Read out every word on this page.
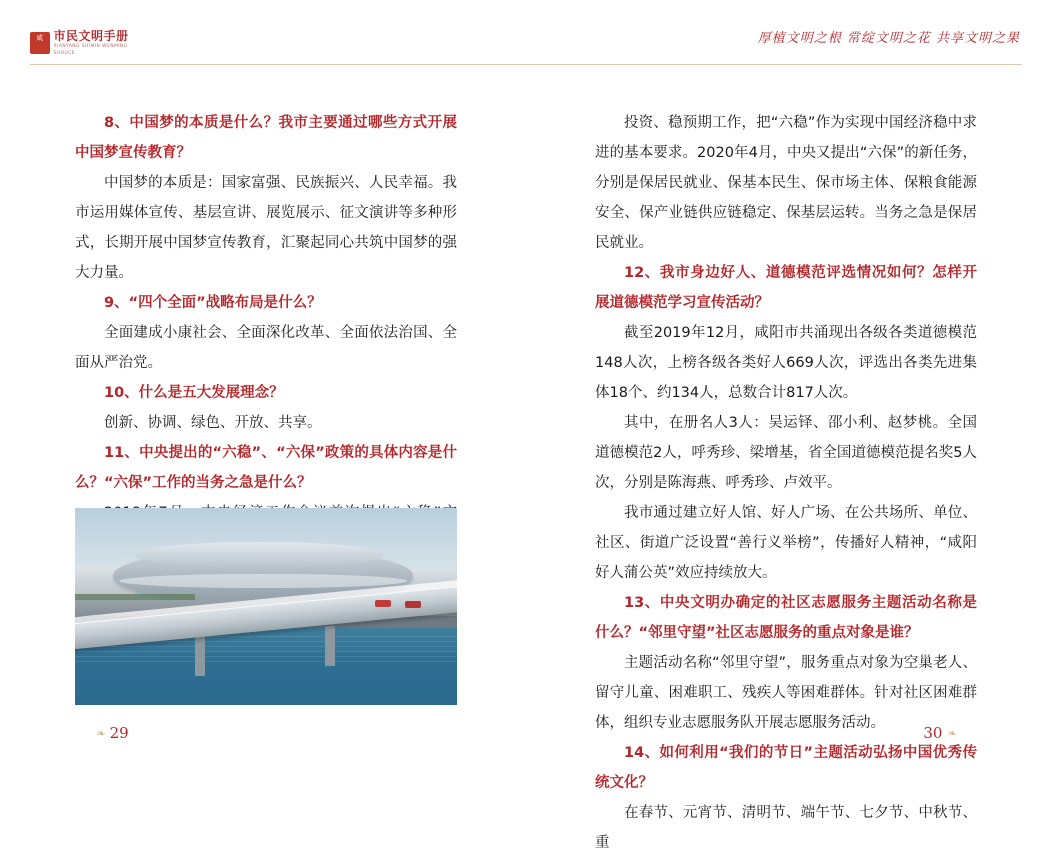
咸 市民文明手册
XIANYANG SHIMIN WENMING SHOUCE
厚植文明之根 常绽文明之花 共享文明之果

8、中国梦的本质是什么？我市主要通过哪些方式开展中国梦宣传教育？

中国梦的本质是：国家富强、民族振兴、人民幸福。我市运用媒体宣传、基层宣讲、展览展示、征文演讲等多种形式，长期开展中国梦宣传教育，汇聚起同心共筑中国梦的强大力量。

9、“四个全面”战略布局是什么？

全面建成小康社会、全面深化改革、全面依法治国、全面从严治党。

10、什么是五大发展理念？

创新、协调、绿色、开放、共享。

11、中央提出的“六稳”、“六保”政策的具体内容是什么？“六保”工作的当务之急是什么？

投资、稳预期工作，把“六稳”作为实现中国经济稳中求进的基本要求。2020年4月，中央又提出“六保”的新任务，分别是保居民就业、保基本民生、保市场主体、保粮食能源安全、保产业链供应链稳定、保基层运转。当务之急是保居民就业。

12、我市身边好人、道德模范评选情况如何？怎样开展道德模范学习宣传活动？

截至2019年12月，咸阳市共涌现出各级各类道德模范148人次，上榜各级各类好人669人次，评选出各类先进集体18个、约134人，总数合计817人次。

其中，在册名人3人：吴运铎、邵小利、赵梦桃。全国道德模范2人，呼秀珍、梁增基，省全国道德模范提名奖5人次，分别是陈海燕、呼秀珍、卢效平。

我市通过建立好人馆、好人广场、在公共场所、单位、社区、街道广泛设置“善行义举榜”，传播好人精神，“咸阳好人蒲公英”效应持续放大。

13、中央文明办确定的社区志愿服务主题活动名称是什么？“邻里守望”社区志愿服务的重点对象是谁？

主题活动名称“邻里守望”，服务重点对象为空巢老人、留守儿童、困难职工、残疾人等困难群体。针对社区困难群体，组织专业志愿服务队开展志愿服务活动。

14、如何利用“我们的节日”主题活动弘扬中国优秀传统文化？

在春节、元宵节、清明节、端午节、七夕节、中秋节、重

❧ 29	30 ❧
